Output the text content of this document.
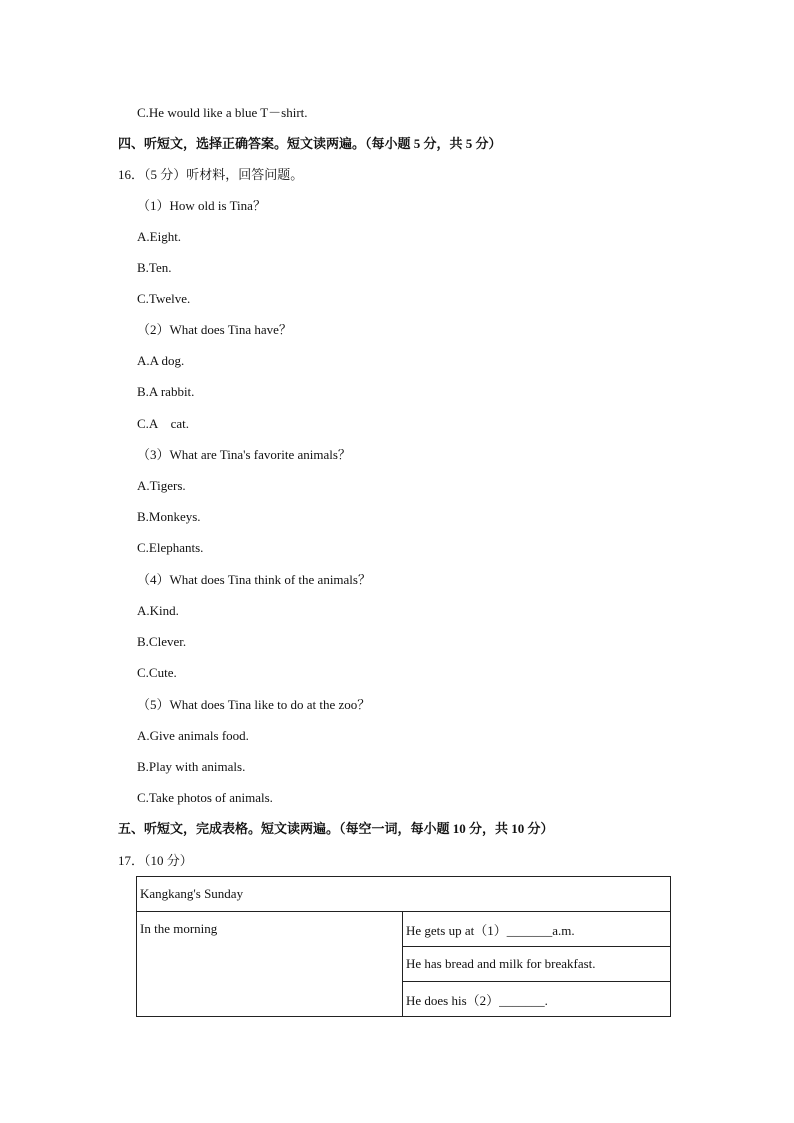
C.He would like a blue T－shirt.
四、听短文，选择正确答案。短文读两遍。（每小题 5 分，共 5 分）
16．（5 分）听材料，回答问题。
（1）How old is Tina？
A.Eight.
B.Ten.
C.Twelve.
（2）What does Tina have？
A.A dog.
B.A rabbit.
C.A　cat.
（3）What are Tina's favorite animals？
A.Tigers.
B.Monkeys.
C.Elephants.
（4）What does Tina think of the animals？
A.Kind.
B.Clever.
C.Cute.
（5）What does Tina like to do at the zoo？
A.Give animals food.
B.Play with animals.
C.Take photos of animals.
五、听短文，完成表格。短文读两遍。（每空一词，每小题 10 分，共 10 分）
17．（10 分）
Kangkang's Sunday
In the morning	He gets up at（1）_______a.m.
He has bread and milk for breakfast.
He does his（2）_______.
